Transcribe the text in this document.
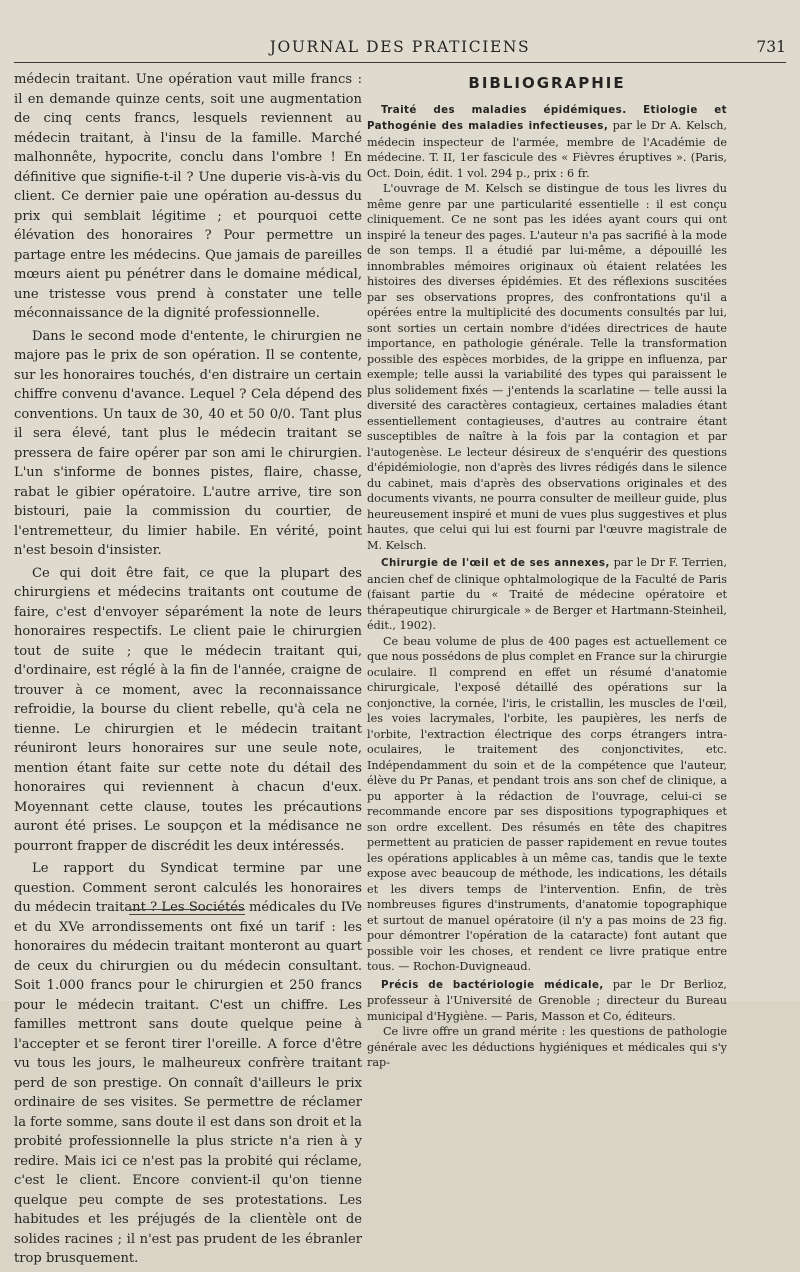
JOURNAL DES PRATICIENS	731

médecin traitant. Une opération vaut mille francs : il en demande quinze cents, soit une augmentation de cinq cents francs, lesquels reviennent au médecin traitant, à l'insu de la famille. Marché malhonnête, hypocrite, conclu dans l'ombre ! En définitive que signifie-t-il ? Une duperie vis-à-vis du client. Ce dernier paie une opération au-dessus du prix qui semblait légitime ; et pourquoi cette élévation des honoraires ? Pour permettre un partage entre les médecins. Que jamais de pareilles mœurs aient pu pénétrer dans le domaine médical, une tristesse vous prend à constater une telle méconnaissance de la dignité professionnelle.

Dans le second mode d'entente, le chirurgien ne majore pas le prix de son opération. Il se contente, sur les honoraires touchés, d'en distraire un certain chiffre convenu d'avance. Lequel ? Cela dépend des conventions. Un taux de 30, 40 et 50 0/0. Tant plus il sera élevé, tant plus le médecin traitant se pressera de faire opérer par son ami le chirurgien. L'un s'informe de bonnes pistes, flaire, chasse, rabat le gibier opératoire. L'autre arrive, tire son bistouri, paie la commission du courtier, de l'entremetteur, du limier habile. En vérité, point n'est besoin d'insister.

Ce qui doit être fait, ce que la plupart des chirurgiens et médecins traitants ont coutume de faire, c'est d'envoyer séparément la note de leurs honoraires respectifs. Le client paie le chirurgien tout de suite ; que le médecin traitant qui, d'ordinaire, est réglé à la fin de l'année, craigne de trouver à ce moment, avec la reconnaissance refroidie, la bourse du client rebelle, qu'à cela ne tienne. Le chirurgien et le médecin traitant réuniront leurs honoraires sur une seule note, mention étant faite sur cette note du détail des honoraires qui reviennent à chacun d'eux. Moyennant cette clause, toutes les précautions auront été prises. Le soupçon et la médisance ne pourront frapper de discrédit les deux intéressés.

Le rapport du Syndicat termine par une question. Comment seront calculés les honoraires du médecin traitant ? Les Sociétés médicales du IVe et du XVe arrondissements ont fixé un tarif : les honoraires du médecin traitant monteront au quart de ceux du chirurgien ou du médecin consultant. Soit 1.000 francs pour le chirurgien et 250 francs pour le médecin traitant. C'est un chiffre. Les familles mettront sans doute quelque peine à l'accepter et se feront tirer l'oreille. A force d'être vu tous les jours, le malheureux confrère traitant perd de son prestige. On connaît d'ailleurs le prix ordinaire de ses visites. Se permettre de réclamer la forte somme, sans doute il est dans son droit et la probité professionnelle la plus stricte n'a rien à y redire. Mais ici ce n'est pas la probité qui réclame, c'est le client. Encore convient-il qu'on tienne quelque peu compte de ses protestations. Les habitudes et les préjugés de la clientèle ont de solides racines ; il n'est pas prudent de les ébranler trop brusquement.

BIBLIOGRAPHIE

Traité des maladies épidémiques. Etiologie et Pathogénie des maladies infectieuses, par le Dr A. Kelsch, médecin inspecteur de l'armée, membre de l'Académie de médecine. T. II, 1er fascicule des « Fièvres éruptives ». (Paris, Oct. Doin, édit. 1 vol. 294 p., prix : 6 fr.

L'ouvrage de M. Kelsch se distingue de tous les livres du même genre par une particularité essentielle : il est conçu cliniquement. Ce ne sont pas les idées ayant cours qui ont inspiré la teneur des pages. L'auteur n'a pas sacrifié à la mode de son temps. Il a étudié par lui-même, a dépouillé les innombrables mémoires originaux où étaient relatées les histoires des diverses épidémies. Et des réflexions suscitées par ses observations propres, des confrontations qu'il a opérées entre la multiplicité des documents consultés par lui, sont sorties un certain nombre d'idées directrices de haute importance, en pathologie générale. Telle la transformation possible des espèces morbides, de la grippe en influenza, par exemple; telle aussi la variabilité des types qui paraissent le plus solidement fixés — j'entends la scarlatine — telle aussi la diversité des caractères contagieux, certaines maladies étant essentiellement contagieuses, d'autres au contraire étant susceptibles de naître à la fois par la contagion et par l'autogenèse. Le lecteur désireux de s'enquérir des questions d'épidémiologie, non d'après des livres rédigés dans le silence du cabinet, mais d'après des observations originales et des documents vivants, ne pourra consulter de meilleur guide, plus heureusement inspiré et muni de vues plus suggestives et plus hautes, que celui qui lui est fourni par l'œuvre magistrale de M. Kelsch.

Chirurgie de l'œil et de ses annexes, par le Dr F. Terrien, ancien chef de clinique ophtalmologique de la Faculté de Paris (faisant partie du « Traité de médecine opératoire et thérapeutique chirurgicale » de Berger et Hartmann-Steinheil, édit., 1902).

Ce beau volume de plus de 400 pages est actuellement ce que nous possédons de plus complet en France sur la chirurgie oculaire. Il comprend en effet un résumé d'anatomie chirurgicale, l'exposé détaillé des opérations sur la conjonctive, la cornée, l'iris, le cristallin, les muscles de l'œil, les voies lacrymales, l'orbite, les paupières, les nerfs de l'orbite, l'extraction électrique des corps étrangers intra-oculaires, le traitement des conjonctivites, etc. Indépendamment du soin et de la compétence que l'auteur, élève du Pr Panas, et pendant trois ans son chef de clinique, a pu apporter à la rédaction de l'ouvrage, celui-ci se recommande encore par ses dispositions typographiques et son ordre excellent. Des résumés en tête des chapitres permettent au praticien de passer rapidement en revue toutes les opérations applicables à un même cas, tandis que le texte expose avec beaucoup de méthode, les indications, les détails et les divers temps de l'intervention. Enfin, de très nombreuses figures d'instruments, d'anatomie topographique et surtout de manuel opératoire (il n'y a pas moins de 23 fig. pour démontrer l'opération de la cataracte) font autant que possible voir les choses, et rendent ce livre pratique entre tous. — Rochon-Duvigneaud.

Précis de bactériologie médicale, par le Dr Berlioz, professeur à l'Université de Grenoble ; directeur du Bureau municipal d'Hygiène. — Paris, Masson et Co, éditeurs.

Ce livre offre un grand mérite : les questions de pathologie générale avec les déductions hygiéniques et médicales qui s'y rap-
